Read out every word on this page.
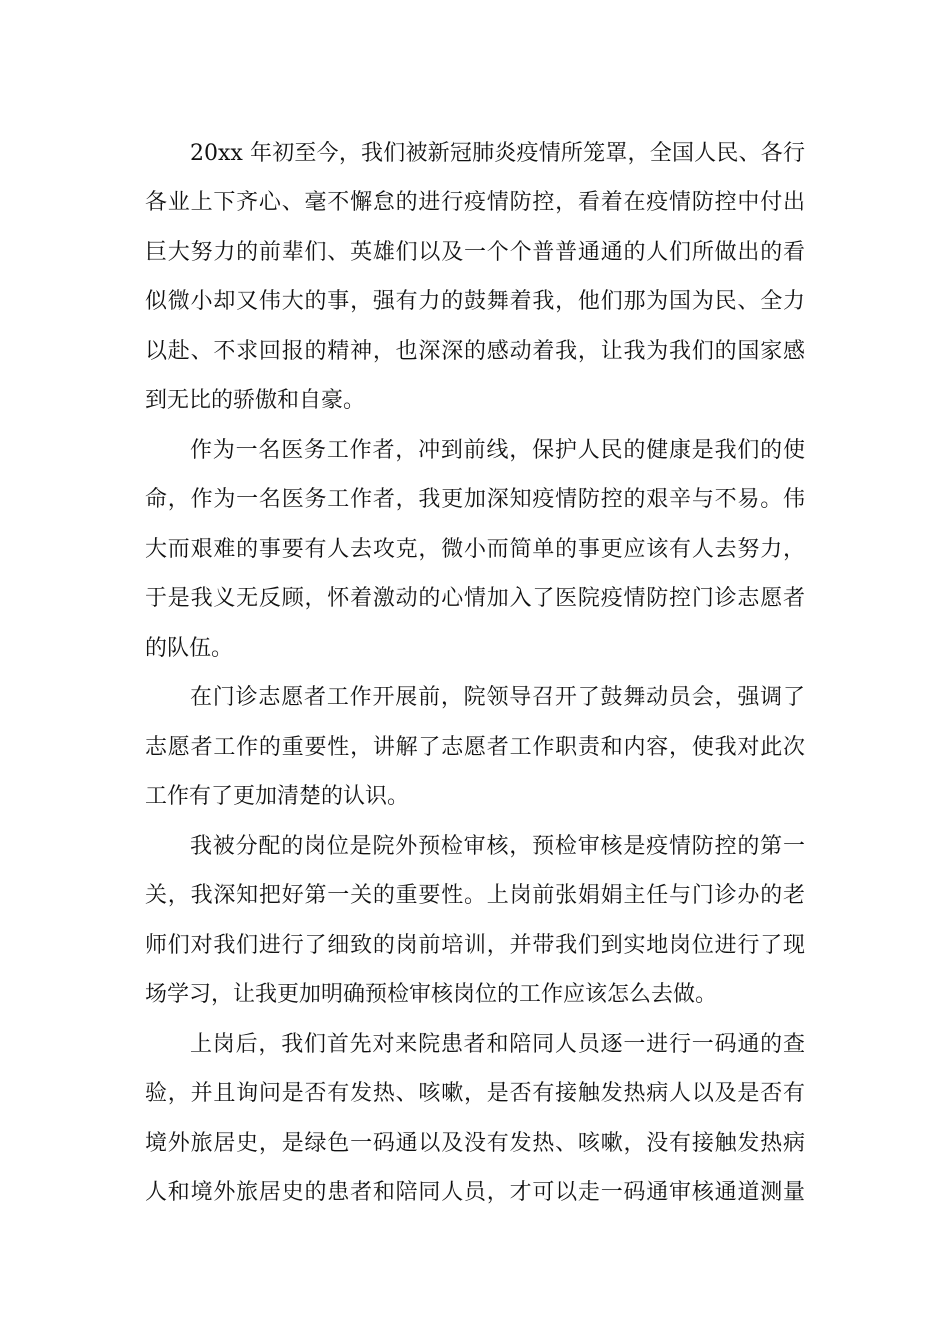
20xx 年初至今，我们被新冠肺炎疫情所笼罩，全国人民、各行
各业上下齐心、毫不懈怠的进行疫情防控，看着在疫情防控中付出
巨大努力的前辈们、英雄们以及一个个普普通通的人们所做出的看
似微小却又伟大的事，强有力的鼓舞着我，他们那为国为民、全力
以赴、不求回报的精神，也深深的感动着我，让我为我们的国家感
到无比的骄傲和自豪。
作为一名医务工作者，冲到前线，保护人民的健康是我们的使
命，作为一名医务工作者，我更加深知疫情防控的艰辛与不易。伟
大而艰难的事要有人去攻克，微小而简单的事更应该有人去努力，
于是我义无反顾，怀着激动的心情加入了医院疫情防控门诊志愿者
的队伍。
在门诊志愿者工作开展前，院领导召开了鼓舞动员会，强调了
志愿者工作的重要性，讲解了志愿者工作职责和内容，使我对此次
工作有了更加清楚的认识。
我被分配的岗位是院外预检审核，预检审核是疫情防控的第一
关，我深知把好第一关的重要性。上岗前张娟娟主任与门诊办的老
师们对我们进行了细致的岗前培训，并带我们到实地岗位进行了现
场学习，让我更加明确预检审核岗位的工作应该怎么去做。
上岗后，我们首先对来院患者和陪同人员逐一进行一码通的查
验，并且询问是否有发热、咳嗽，是否有接触发热病人以及是否有
境外旅居史，是绿色一码通以及没有发热、咳嗽，没有接触发热病
人和境外旅居史的患者和陪同人员，才可以走一码通审核通道测量
